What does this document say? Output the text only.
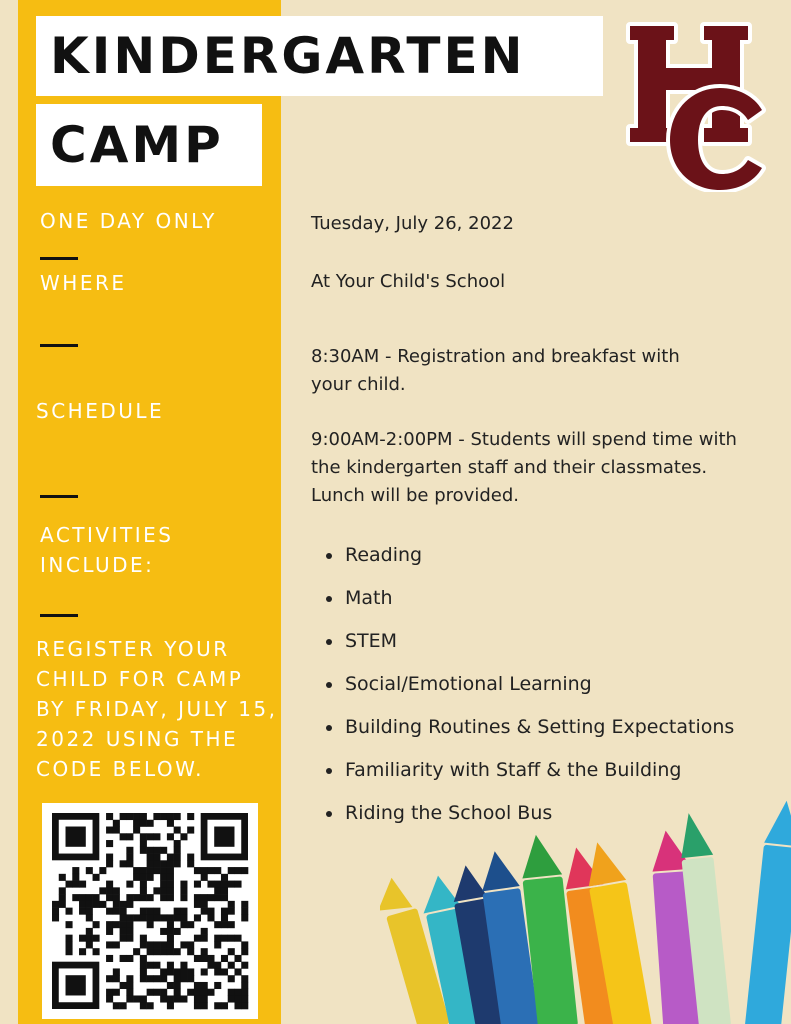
KINDERGARTEN
CAMP
HC
ONE DAY ONLY
WHERE
SCHEDULE
ACTIVITIES INCLUDE:
REGISTER YOUR CHILD FOR CAMP BY FRIDAY, JULY 15, 2022 USING THE CODE BELOW.
Tuesday, July 26, 2022
At Your Child's School
8:30AM - Registration and breakfast with your child.
9:00AM-2:00PM - Students will spend time with the kindergarten staff and their classmates. Lunch will be provided.
Reading
Math
STEM
Social/Emotional Learning
Building Routines & Setting Expectations
Familiarity with Staff & the Building
Riding the School Bus
